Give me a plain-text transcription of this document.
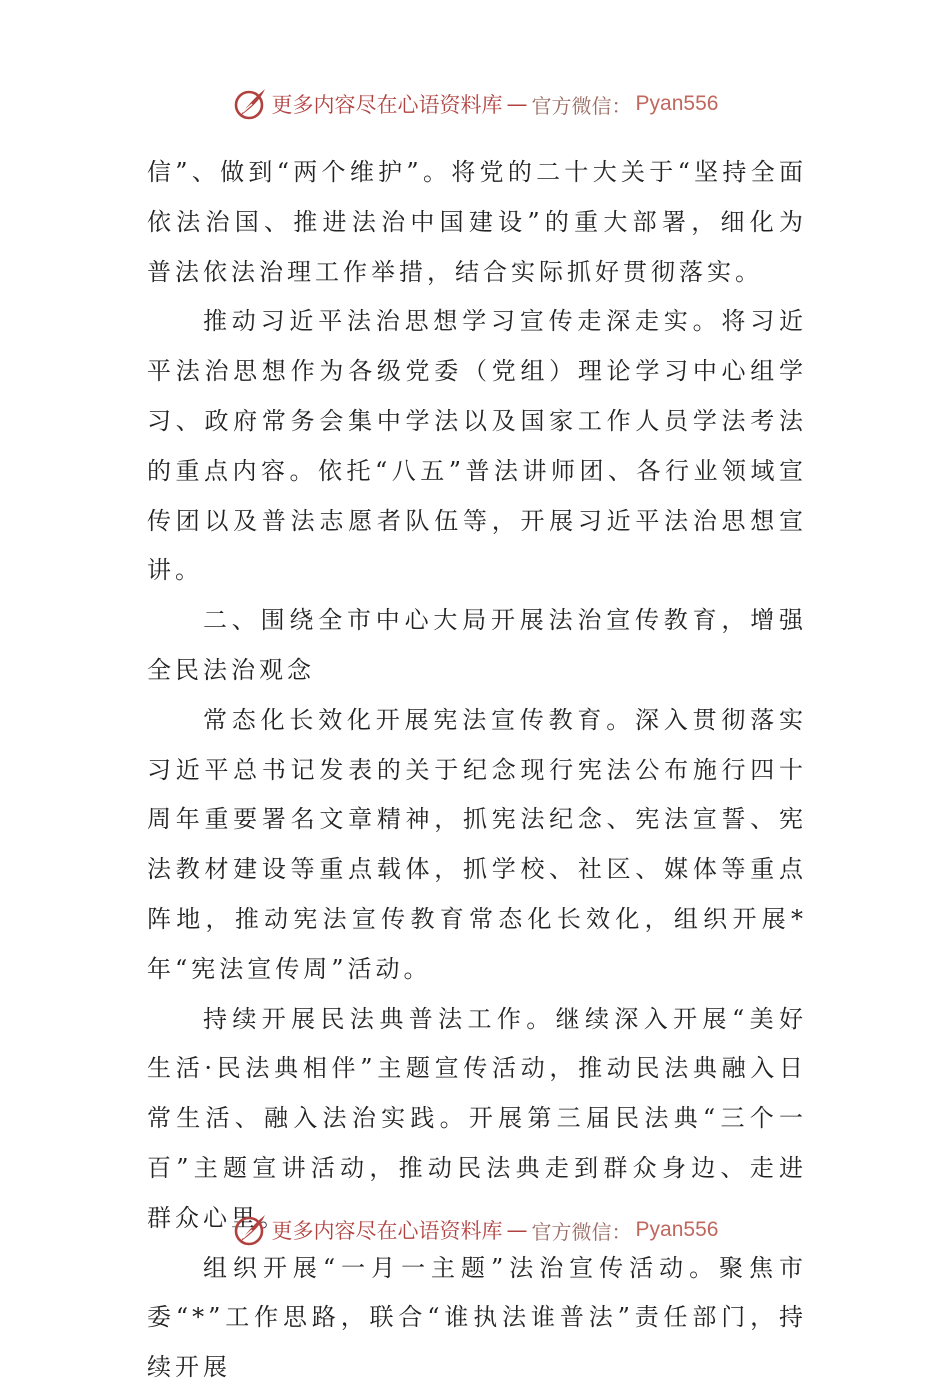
更多内容尽在心语资料库 — 官方微信： Pyan556

信”、做到“两个维护”。将党的二十大关于“坚持全面依法治国、推进法治中国建设”的重大部署，细化为普法依法治理工作举措，结合实际抓好贯彻落实。

推动习近平法治思想学习宣传走深走实。将习近平法治思想作为各级党委（党组）理论学习中心组学习、政府常务会集中学法以及国家工作人员学法考法的重点内容。依托“八五”普法讲师团、各行业领域宣传团以及普法志愿者队伍等，开展习近平法治思想宣讲。

二、围绕全市中心大局开展法治宣传教育，增强全民法治观念

常态化长效化开展宪法宣传教育。深入贯彻落实习近平总书记发表的关于纪念现行宪法公布施行四十周年重要署名文章精神，抓宪法纪念、宪法宣誓、宪法教材建设等重点载体，抓学校、社区、媒体等重点阵地，推动宪法宣传教育常态化长效化，组织开展*年“宪法宣传周”活动。

持续开展民法典普法工作。继续深入开展“美好生活·民法典相伴”主题宣传活动，推动民法典融入日常生活、融入法治实践。开展第三届民法典“三个一百”主题宣讲活动，推动民法典走到群众身边、走进群众心里。

组织开展“一月一主题”法治宣传活动。聚焦市委“*”工作思路，联合“谁执法谁普法”责任部门，持续开展

更多内容尽在心语资料库 — 官方微信： Pyan556
